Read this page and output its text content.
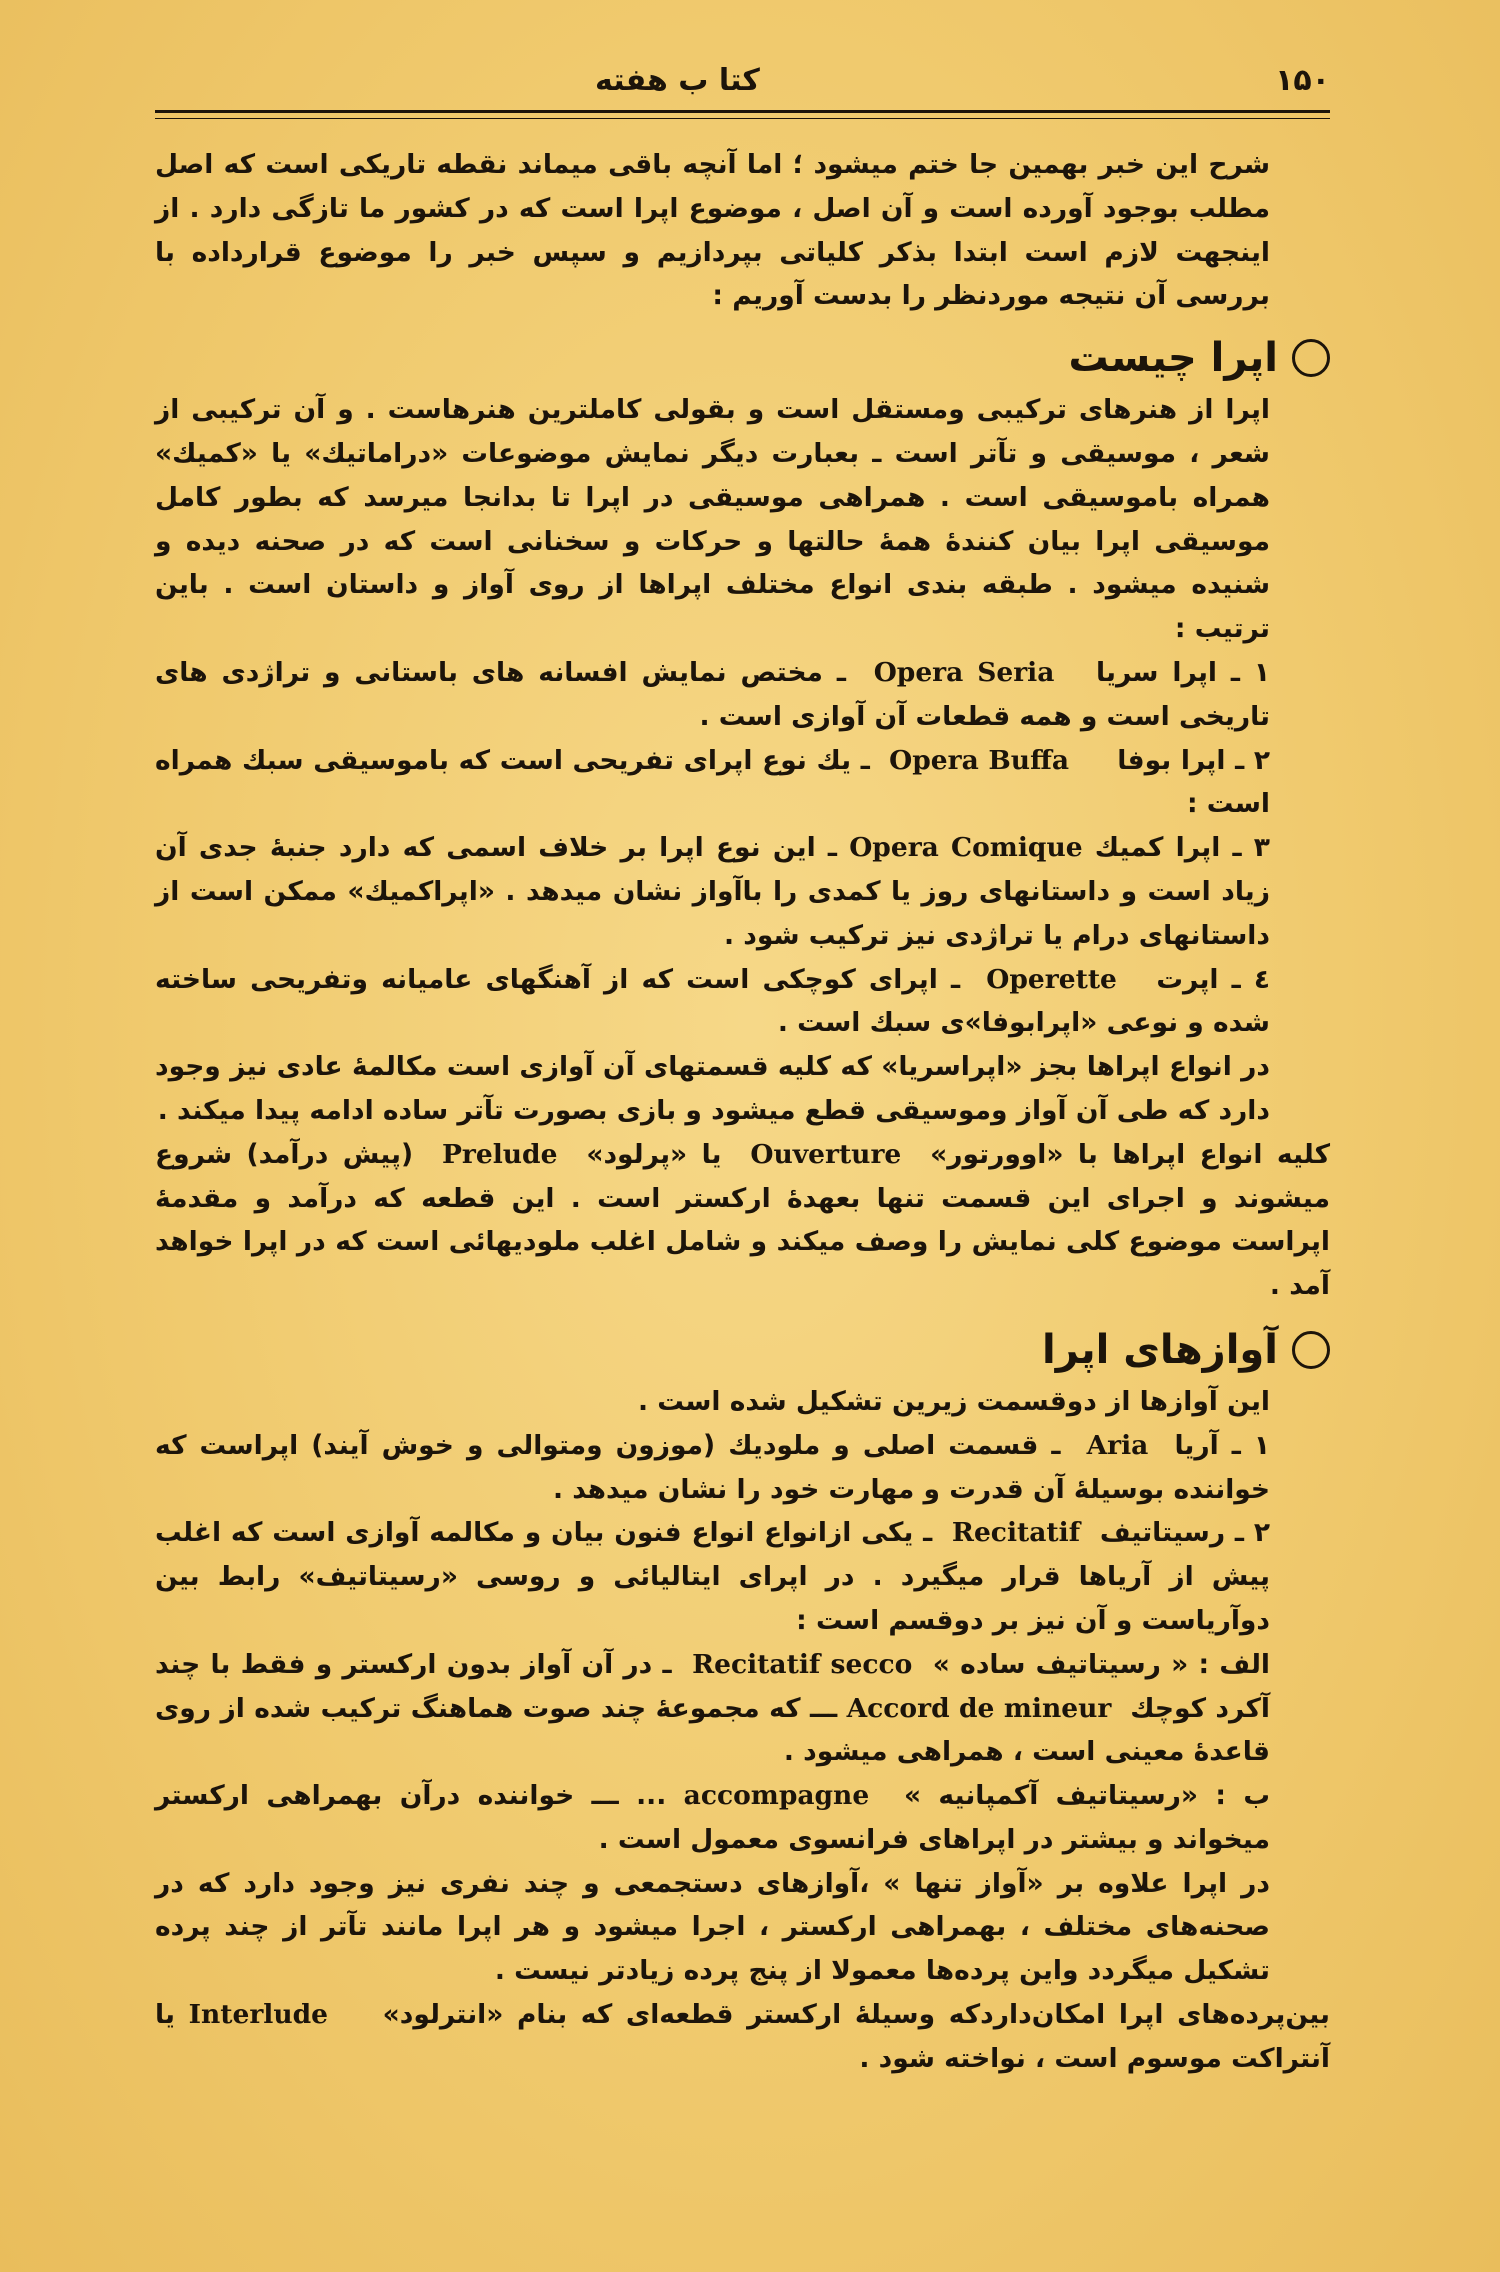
کتا ب هفته	۱۵۰

شرح این خبر بهمین جا ختم میشود ؛ اما آنچه باقی میماند نقطه تاریکی است که اصل مطلب بوجود آورده است و آن اصل ، موضوع اپرا است که در کشور ما تازگی دارد . از اینجهت لازم است ابتدا بذکر کلیاتی بپردازیم و سپس خبر را موضوع قرارداده با بررسی آن نتیجه موردنظر را بدست آوریم :

اپرا چیست

اپرا از هنرهای ترکیبی ومستقل است و بقولی کاملترین هنرهاست . و آن ترکیبی از شعر ، موسیقی و تآتر است ـ بعبارت دیگر نمایش موضوعات «دراماتیك» یا «کمیك» همراه باموسیقی است . همراهی موسیقی در اپرا تا بدانجا میرسد که بطور کامل موسیقی اپرا بیان کنندهٔ همهٔ حالتها و حرکات و سخنانی است که در صحنه دیده و شنیده میشود . طبقه بندی انواع مختلف اپراها از روی آواز و داستان است . باین ترتیب :

۱ ـ اپرا سریا   Opera Seria  ـ مختص نمایش افسانه های باستانی و تراژدی های تاریخی است و همه قطعات آن آوازی است .

۲ ـ اپرا بوفا     Opera Buffa  ـ یك نوع اپرای تفریحی است که باموسیقی سبك همراه است :

۳ ـ اپرا کمیك Opera Comique ـ این نوع اپرا بر خلاف اسمی که دارد جنبهٔ جدی آن زیاد است و داستانهای روز یا کمدی را باآواز نشان میدهد . «اپراکمیك» ممکن است از داستانهای درام یا تراژدی نیز ترکیب شود .

٤ ـ اپرت   Operette  ـ اپرای کوچکی است که از آهنگهای عامیانه وتفریحی ساخته شده و نوعی «اپرابوفا»ی سبك است .

در انواع اپراها بجز «اپراسریا» که کلیه قسمتهای آن آوازی است مکالمهٔ عادی نیز وجود دارد که طی آن آواز وموسیقی قطع میشود و بازی بصورت تآتر ساده ادامه پیدا میکند .

کلیه انواع اپراها با «اوورتور»  Ouverture  یا «پرلود»  Prelude  (پیش درآمد) شروع میشوند و اجرای این قسمت تنها بعهدهٔ ارکستر است . این قطعه که درآمد و مقدمهٔ اپراست موضوع کلی نمایش را وصف میکند و شامل اغلب ملودیهائی است که در اپرا خواهد آمد .

آوازهای اپرا

این آوازها از دوقسمت زیرین تشکیل شده است .

۱ ـ آریا  Aria  ـ قسمت اصلی و ملودیك (موزون ومتوالی و خوش آیند) اپراست که خواننده بوسیلهٔ آن قدرت و مهارت خود را نشان میدهد .

۲ ـ رسیتاتیف  Recitatif  ـ یکی ازانواع انواع فنون بیان و مکالمه آوازی است که اغلب پیش از آریاها قرار میگیرد . در اپرای ایتالیائی و روسی «رسیتاتیف» رابط بین دوآریاست و آن نیز بر دوقسم است :

الف : « رسیتاتیف ساده »  Recitatif secco  ـ در آن آواز بدون ارکستر و فقط با چند آکرد کوچك  Accord de mineur ـــ که مجموعهٔ چند صوت هماهنگ ترکیب شده از روی قاعدهٔ معینی است ، همراهی میشود .

ب : «رسیتاتیف آکمپانیه »  accompagne ... ـــ خواننده درآن بهمراهی ارکستر میخواند و بیشتر در اپراهای فرانسوی معمول است .

در اپرا علاوه بر «آواز تنها » ،آوازهای دستجمعی و چند نفری نیز وجود دارد که در صحنه‌های مختلف ، بهمراهی ارکستر ، اجرا میشود و هر اپرا مانند تآتر از چند پرده تشکیل میگردد واین پرده‌ها معمولا از پنج پرده زیادتر نیست .

بین‌پرده‌های اپرا امکان‌داردکه وسیلهٔ ارکستر قطعه‌ای که بنام «انترلود»    Interlude یا آنتراکت موسوم است ، نواخته شود .
